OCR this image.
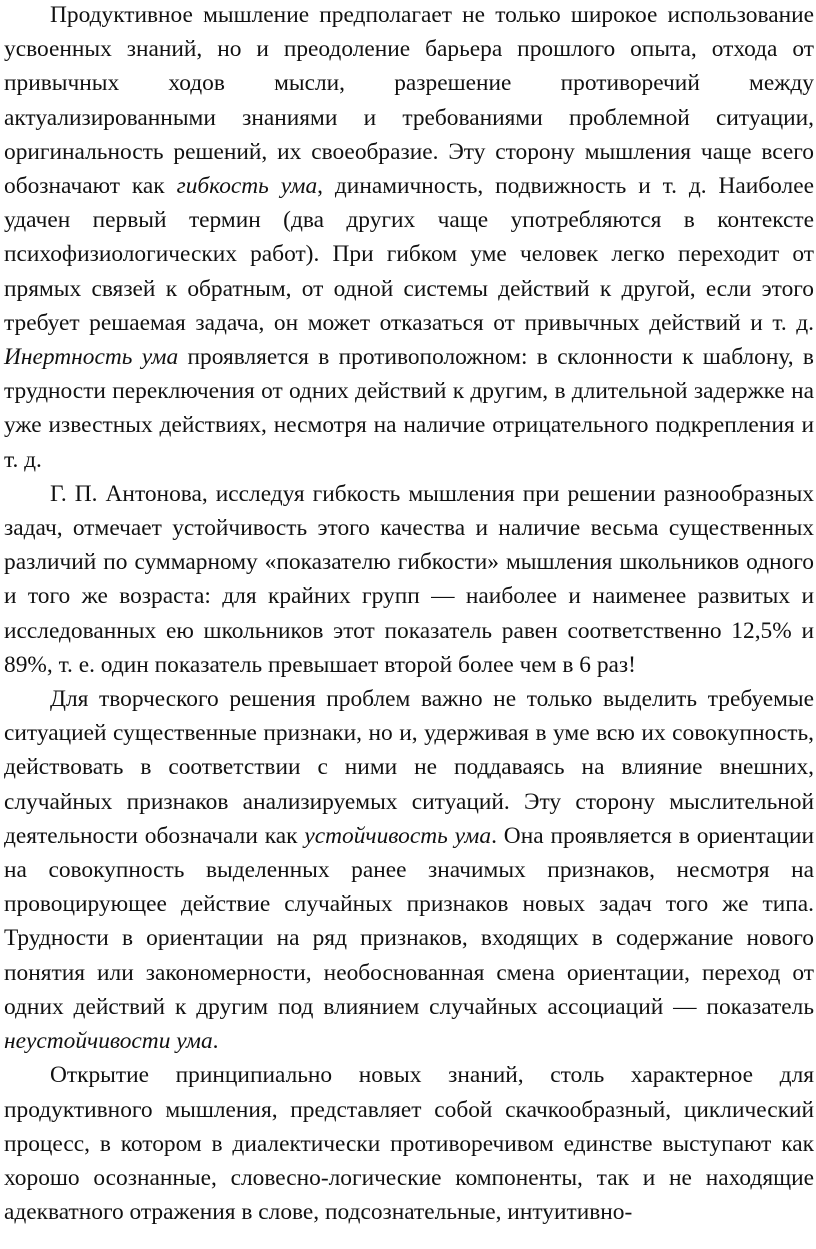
Продуктивное мышление предполагает не только широкое использование усвоенных знаний, но и преодоление барьера прошлого опыта, отхода от привычных ходов мысли, разрешение противоречий между актуализированными знаниями и требованиями проблемной ситуации, оригинальность решений, их своеобразие. Эту сторону мышления чаще всего обозначают как гибкость ума, динамичность, подвижность и т. д. Наиболее удачен первый термин (два других чаще употребляются в контексте психофизиологических работ). При гибком уме человек легко переходит от прямых связей к обратным, от одной системы действий к другой, если этого требует решаемая задача, он может отказаться от привычных действий и т. д. Инертность ума проявляется в противоположном: в склонности к шаблону, в трудности переключения от одних действий к другим, в длительной задержке на уже известных действиях, несмотря на наличие отрицательного подкрепления и т. д.

Г. П. Антонова, исследуя гибкость мышления при решении разнообразных задач, отмечает устойчивость этого качества и наличие весьма существенных различий по суммарному «показателю гибкости» мышления школьников одного и того же возраста: для крайних групп — наиболее и наименее развитых и исследованных ею школьников этот показатель равен соответственно 12,5% и 89%, т. е. один показатель превышает второй более чем в 6 раз!

Для творческого решения проблем важно не только выделить требуемые ситуацией существенные признаки, но и, удерживая в уме всю их совокупность, действовать в соответствии с ними не поддаваясь на влияние внешних, случайных признаков анализируемых ситуаций. Эту сторону мыслительной деятельности обозначали как устойчивость ума. Она проявляется в ориентации на совокупность выделенных ранее значимых признаков, несмотря на провоцирующее действие случайных признаков новых задач того же типа. Трудности в ориентации на ряд признаков, входящих в содержание нового понятия или закономерности, необоснованная смена ориентации, переход от одних действий к другим под влиянием случайных ассоциаций — показатель неустойчивости ума.

Открытие принципиально новых знаний, столь характерное для продуктивного мышления, представляет собой скачкообразный, циклический процесс, в котором в диалектически противоречивом единстве выступают как хорошо осознанные, словесно-логические компоненты, так и не находящие адекватного отражения в слове, подсознательные, интуитивно-
